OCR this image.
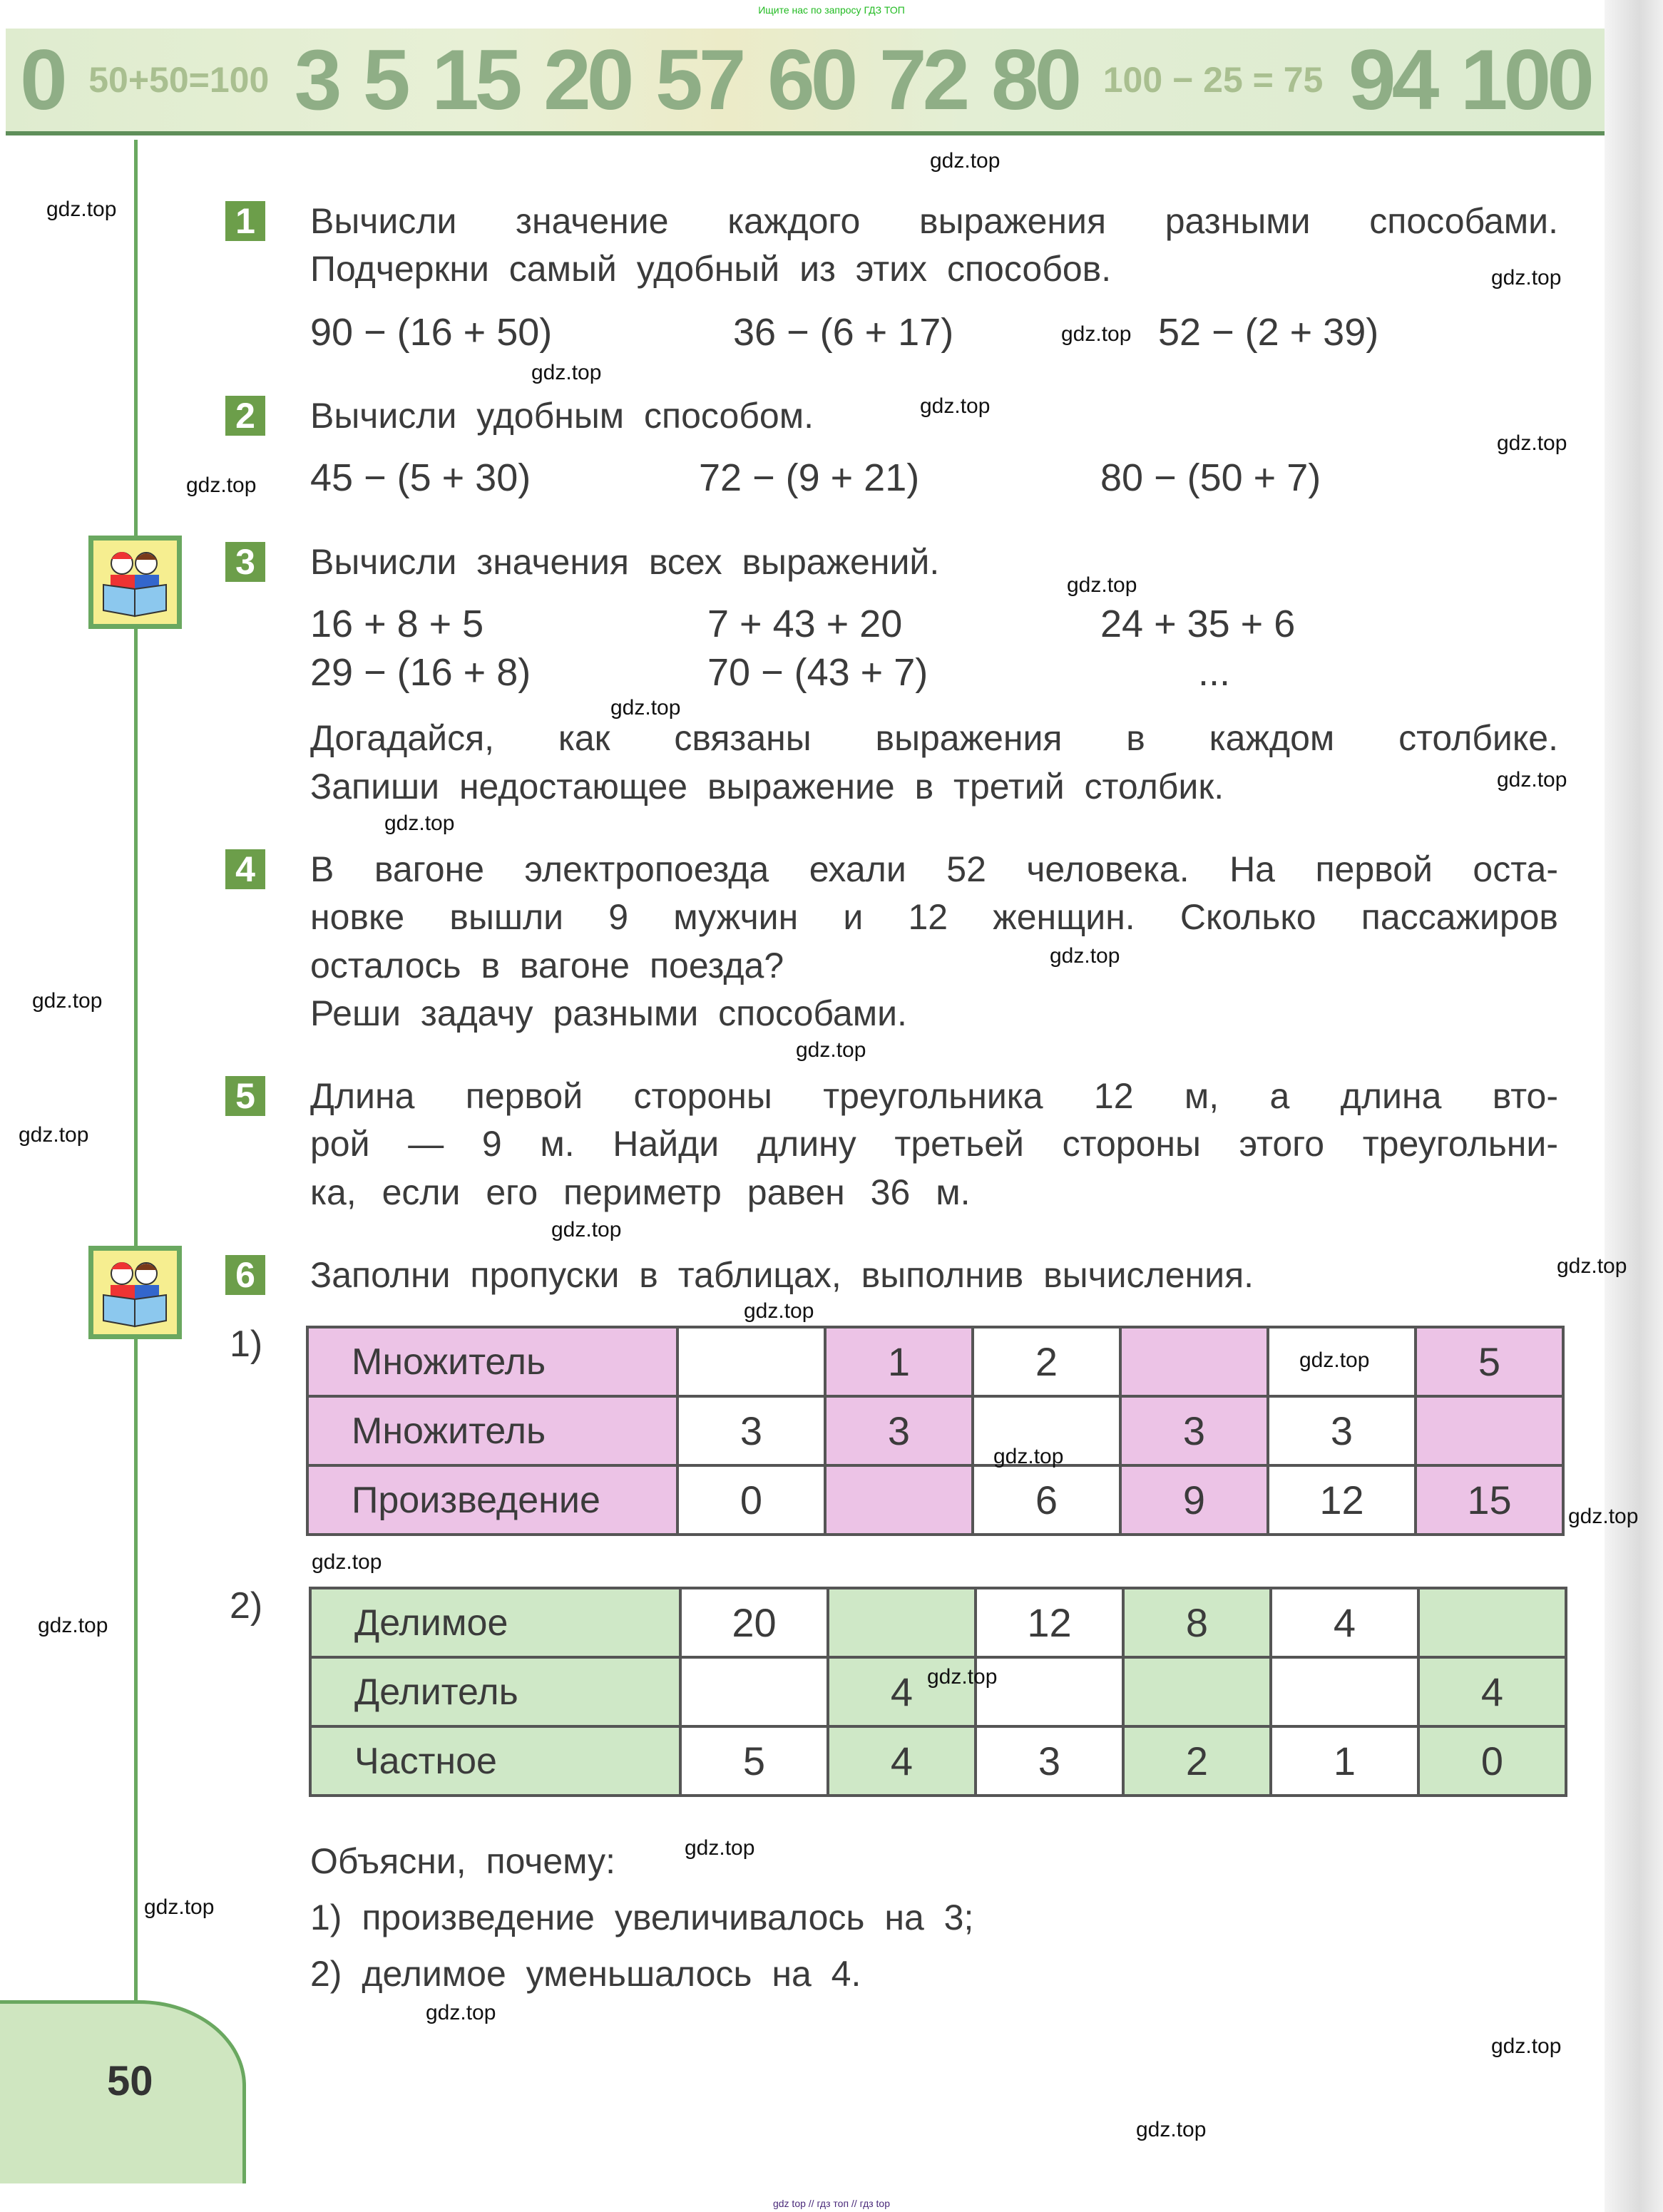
Ищите нас по запросу ГДЗ ТОП
0 50+50=100 3 5 15 20 57 60 72 80 100 − 25 = 75 94 100
50
1 Вычисли значение каждого выражения разными способами.
Подчеркни самый удобный из этих способов.
90 − (16 + 50)	36 − (6 + 17)	52 − (2 + 39)
2 Вычисли удобным способом.
45 − (5 + 30)	72 − (9 + 21)	80 − (50 + 7)
3 Вычисли значения всех выражений.
16 + 8 + 5	7 + 43 + 20	24 + 35 + 6
29 − (16 + 8)	70 − (43 + 7)	...
Догадайся, как связаны выражения в каждом столбике.
Запиши недостающее выражение в третий столбик.
4 В вагоне электропоезда ехали 52 человека. На первой оста-
новке вышли 9 мужчин и 12 женщин. Сколько пассажиров
осталось в вагоне поезда?
Реши задачу разными способами.
5 Длина первой стороны треугольника 12 м, а длина вто-
рой — 9 м. Найди длину третьей стороны этого треугольни-
ка, если его периметр равен 36 м.
6 Заполни пропуски в таблицах, выполнив вычисления.
1) Множитель		1	2			5
Множитель	3	3		3	3	
Произведение	0		6	9	12	15
2) Делимое	20		12	8	4	
Делитель		4				4
Частное	5	4	3	2	1	0
Объясни, почему:
1) произведение увеличивалось на 3;
2) делимое уменьшалось на 4.
gdz.top
gdz.top
gdz.top
gdz.top
gdz.top
gdz.top
gdz.top
gdz.top
gdz.top
gdz.top
gdz.top
gdz.top
gdz.top
gdz.top
gdz.top
gdz.top
gdz.top
gdz.top
gdz.top
gdz.top
gdz.top
gdz.top
gdz.top
gdz.top
gdz.top
gdz.top
gdz.top
gdz.top
gdz.top
gdz.top
gdz top // гдз топ // гдз top
